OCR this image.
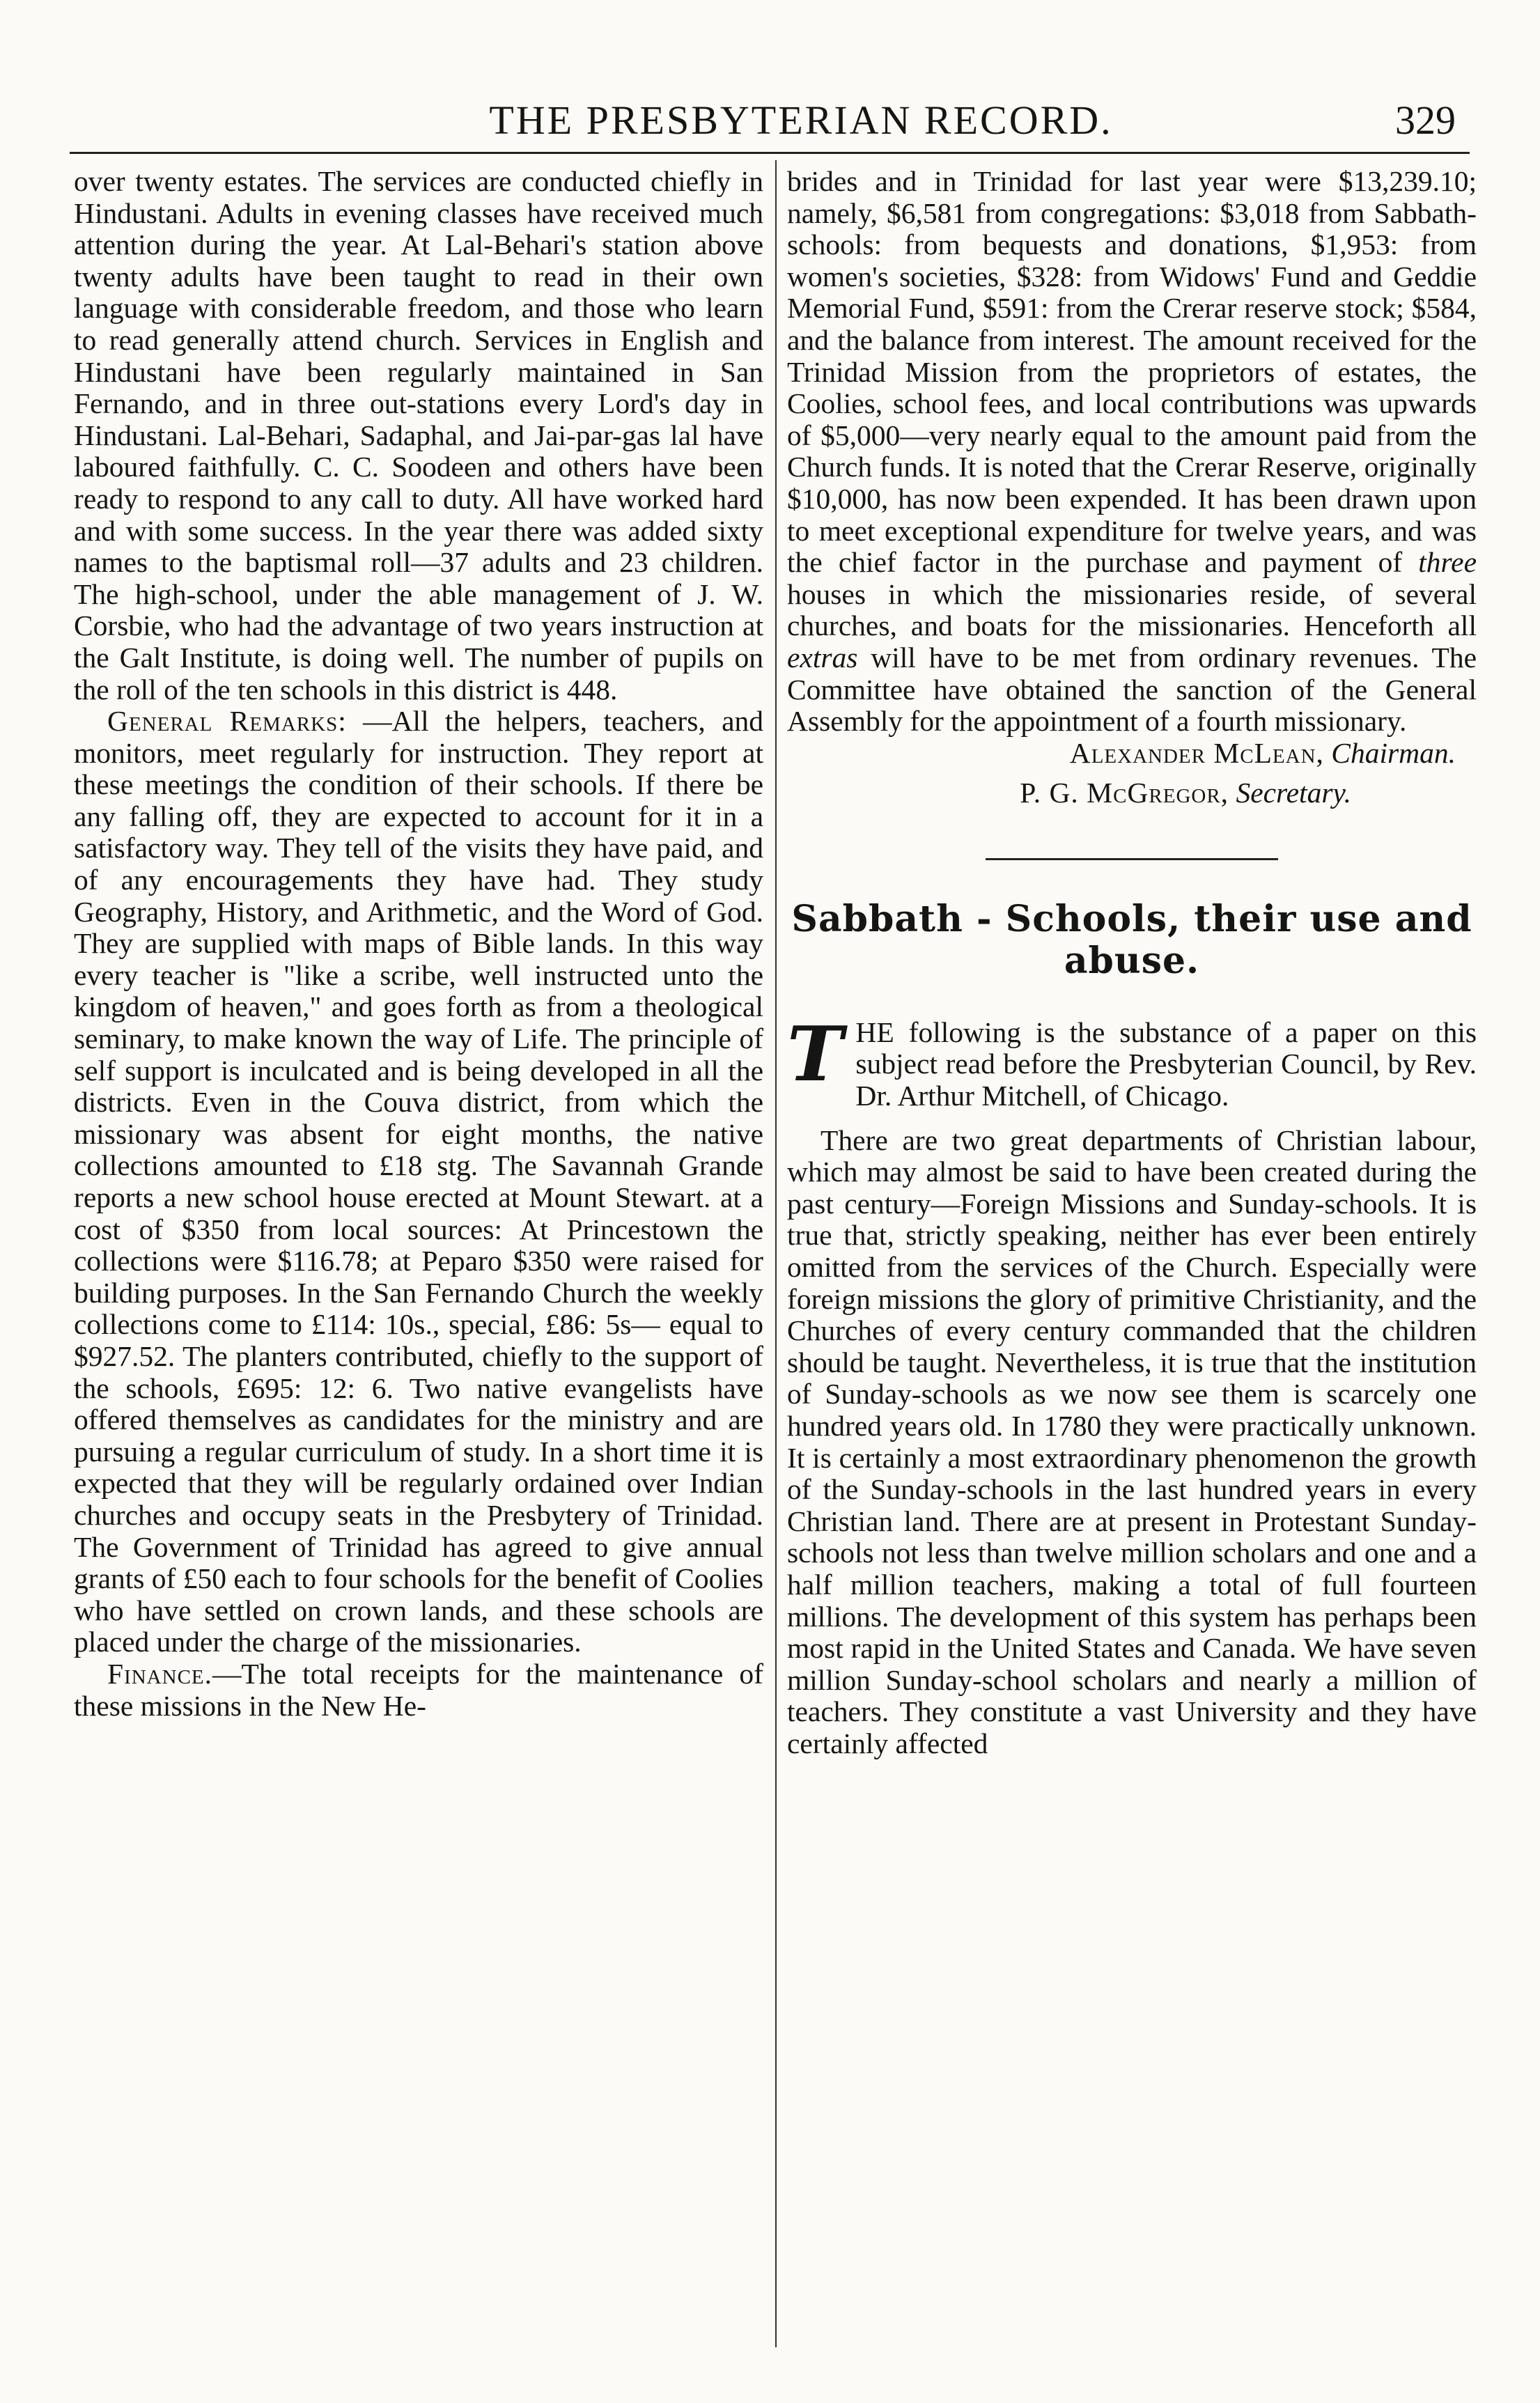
THE PRESBYTERIAN RECORD.	329

over twenty estates. The services are conducted chiefly in Hindustani. Adults in evening classes have received much attention during the year. At Lal-Behari's station above twenty adults have been taught to read in their own language with considerable freedom, and those who learn to read generally attend church. Services in English and Hindustani have been regularly maintained in San Fernando, and in three out-stations every Lord's day in Hindustani. Lal-Behari, Sadaphal, and Jai-par-gas lal have laboured faithfully. C. C. Soodeen and others have been ready to respond to any call to duty. All have worked hard and with some success. In the year there was added sixty names to the baptismal roll—37 adults and 23 children. The high-school, under the able management of J. W. Corsbie, who had the advantage of two years instruction at the Galt Institute, is doing well. The number of pupils on the roll of the ten schools in this district is 448.

General Remarks: —All the helpers, teachers, and monitors, meet regularly for instruction. They report at these meetings the condition of their schools. If there be any falling off, they are expected to account for it in a satisfactory way. They tell of the visits they have paid, and of any encouragements they have had. They study Geography, History, and Arithmetic, and the Word of God. They are supplied with maps of Bible lands. In this way every teacher is "like a scribe, well instructed unto the kingdom of heaven," and goes forth as from a theological seminary, to make known the way of Life. The principle of self support is inculcated and is being developed in all the districts. Even in the Couva district, from which the missionary was absent for eight months, the native collections amounted to £18 stg. The Savannah Grande reports a new school house erected at Mount Stewart. at a cost of $350 from local sources: At Princestown the collections were $116.78; at Peparo $350 were raised for building purposes. In the San Fernando Church the weekly collections come to £114: 10s., special, £86: 5s— equal to $927.52. The planters contributed, chiefly to the support of the schools, £695: 12: 6. Two native evangelists have offered themselves as candidates for the ministry and are pursuing a regular curriculum of study. In a short time it is expected that they will be regularly ordained over Indian churches and occupy seats in the Presbytery of Trinidad. The Government of Trinidad has agreed to give annual grants of £50 each to four schools for the benefit of Coolies who have settled on crown lands, and these schools are placed under the charge of the missionaries.

Finance.—The total receipts for the maintenance of these missions in the New He-

brides and in Trinidad for last year were $13,239.10; namely, $6,581 from congregations: $3,018 from Sabbath-schools: from bequests and donations, $1,953: from women's societies, $328: from Widows' Fund and Geddie Memorial Fund, $591: from the Crerar reserve stock; $584, and the balance from interest. The amount received for the Trinidad Mission from the proprietors of estates, the Coolies, school fees, and local contributions was upwards of $5,000—very nearly equal to the amount paid from the Church funds. It is noted that the Crerar Reserve, originally $10,000, has now been expended. It has been drawn upon to meet exceptional expenditure for twelve years, and was the chief factor in the purchase and payment of three houses in which the missionaries reside, of several churches, and boats for the missionaries. Henceforth all extras will have to be met from ordinary revenues. The Committee have obtained the sanction of the General Assembly for the appointment of a fourth missionary.

Alexander McLean, Chairman.

P. G. McGregor, Secretary.

Sabbath - Schools, their use and abuse.

THE following is the substance of a paper on this subject read before the Presbyterian Council, by Rev. Dr. Arthur Mitchell, of Chicago.

There are two great departments of Christian labour, which may almost be said to have been created during the past century—Foreign Missions and Sunday-schools. It is true that, strictly speaking, neither has ever been entirely omitted from the services of the Church. Especially were foreign missions the glory of primitive Christianity, and the Churches of every century commanded that the children should be taught. Nevertheless, it is true that the institution of Sunday-schools as we now see them is scarcely one hundred years old. In 1780 they were practically unknown. It is certainly a most extraordinary phenomenon the growth of the Sunday-schools in the last hundred years in every Christian land. There are at present in Protestant Sunday-schools not less than twelve million scholars and one and a half million teachers, making a total of full fourteen millions. The development of this system has perhaps been most rapid in the United States and Canada. We have seven million Sunday-school scholars and nearly a million of teachers. They constitute a vast University and they have certainly affected
